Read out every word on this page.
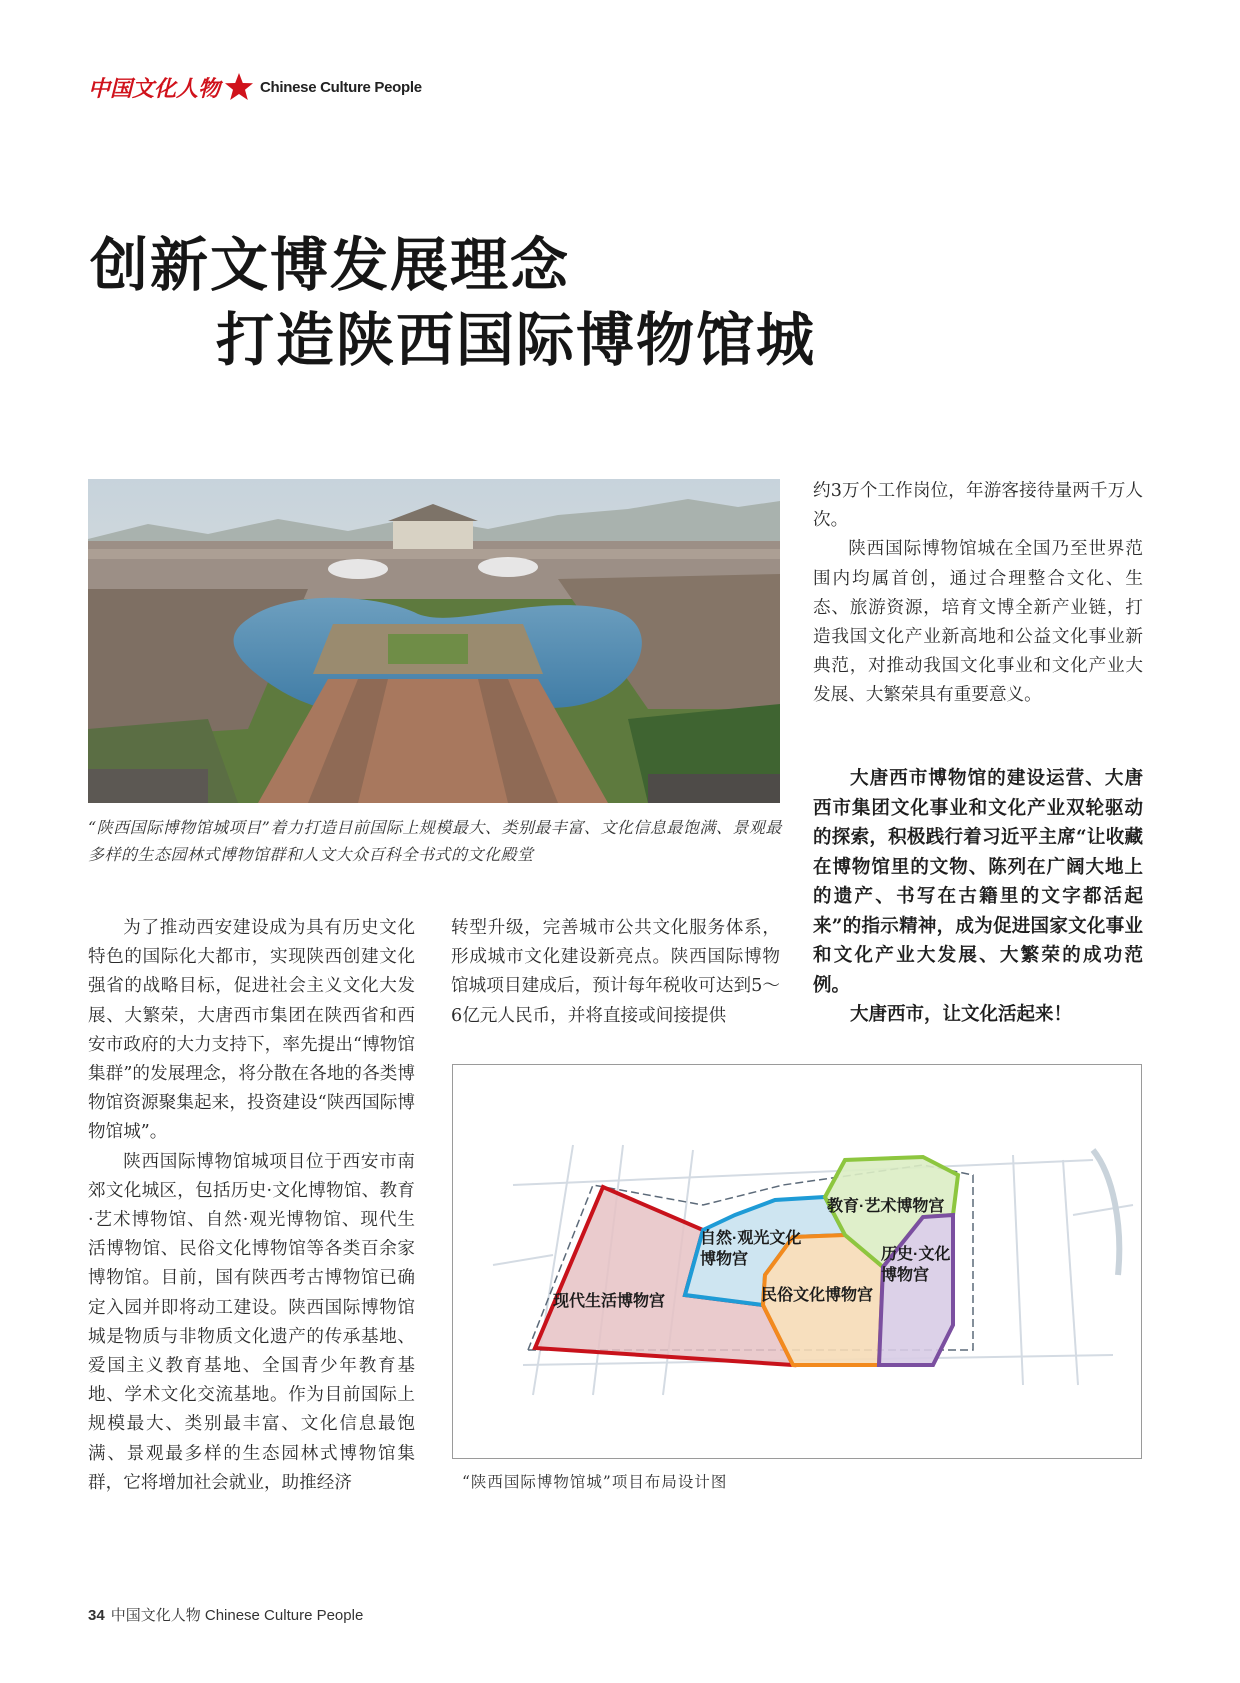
中国文化人物	Chinese Culture People
创新文博发展理念
打造陕西国际博物馆城
“陕西国际博物馆城项目”着力打造目前国际上规模最大、类别最丰富、文化信息最饱满、景观最多样的生态园林式博物馆群和人文大众百科全书式的文化殿堂

约3万个工作岗位，年游客接待量两千万人次。

陕西国际博物馆城在全国乃至世界范围内均属首创，通过合理整合文化、生态、旅游资源，培育文博全新产业链，打造我国文化产业新高地和公益文化事业新典范，对推动我国文化事业和文化产业大发展、大繁荣具有重要意义。

大唐西市博物馆的建设运营、大唐西市集团文化事业和文化产业双轮驱动的探索，积极践行着习近平主席“让收藏在博物馆里的文物、陈列在广阔大地上的遗产、书写在古籍里的文字都活起来”的指示精神，成为促进国家文化事业和文化产业大发展、大繁荣的成功范例。

大唐西市，让文化活起来！

为了推动西安建设成为具有历史文化特色的国际化大都市，实现陕西创建文化强省的战略目标，促进社会主义文化大发展、大繁荣，大唐西市集团在陕西省和西安市政府的大力支持下，率先提出“博物馆集群”的发展理念，将分散在各地的各类博物馆资源聚集起来，投资建设“陕西国际博物馆城”。

陕西国际博物馆城项目位于西安市南郊文化城区，包括历史·文化博物馆、教育·艺术博物馆、自然·观光博物馆、现代生活博物馆、民俗文化博物馆等各类百余家博物馆。目前，国有陕西考古博物馆已确定入园并即将动工建设。陕西国际博物馆城是物质与非物质文化遗产的传承基地、爱国主义教育基地、全国青少年教育基地、学术文化交流基地。作为目前国际上规模最大、类别最丰富、文化信息最饱满、景观最多样的生态园林式博物馆集群，它将增加社会就业，助推经济

转型升级，完善城市公共文化服务体系，形成城市文化建设新亮点。陕西国际博物馆城项目建成后，预计每年税收可达到5～6亿元人民币，并将直接或间接提供

现代生活博物宫
自然·观光文化
博物宫
教育·艺术博物宫
民俗文化博物宫
历史·文化
博物宫
“陕西国际博物馆城”项目布局设计图
34 中国文化人物 Chinese Culture People
